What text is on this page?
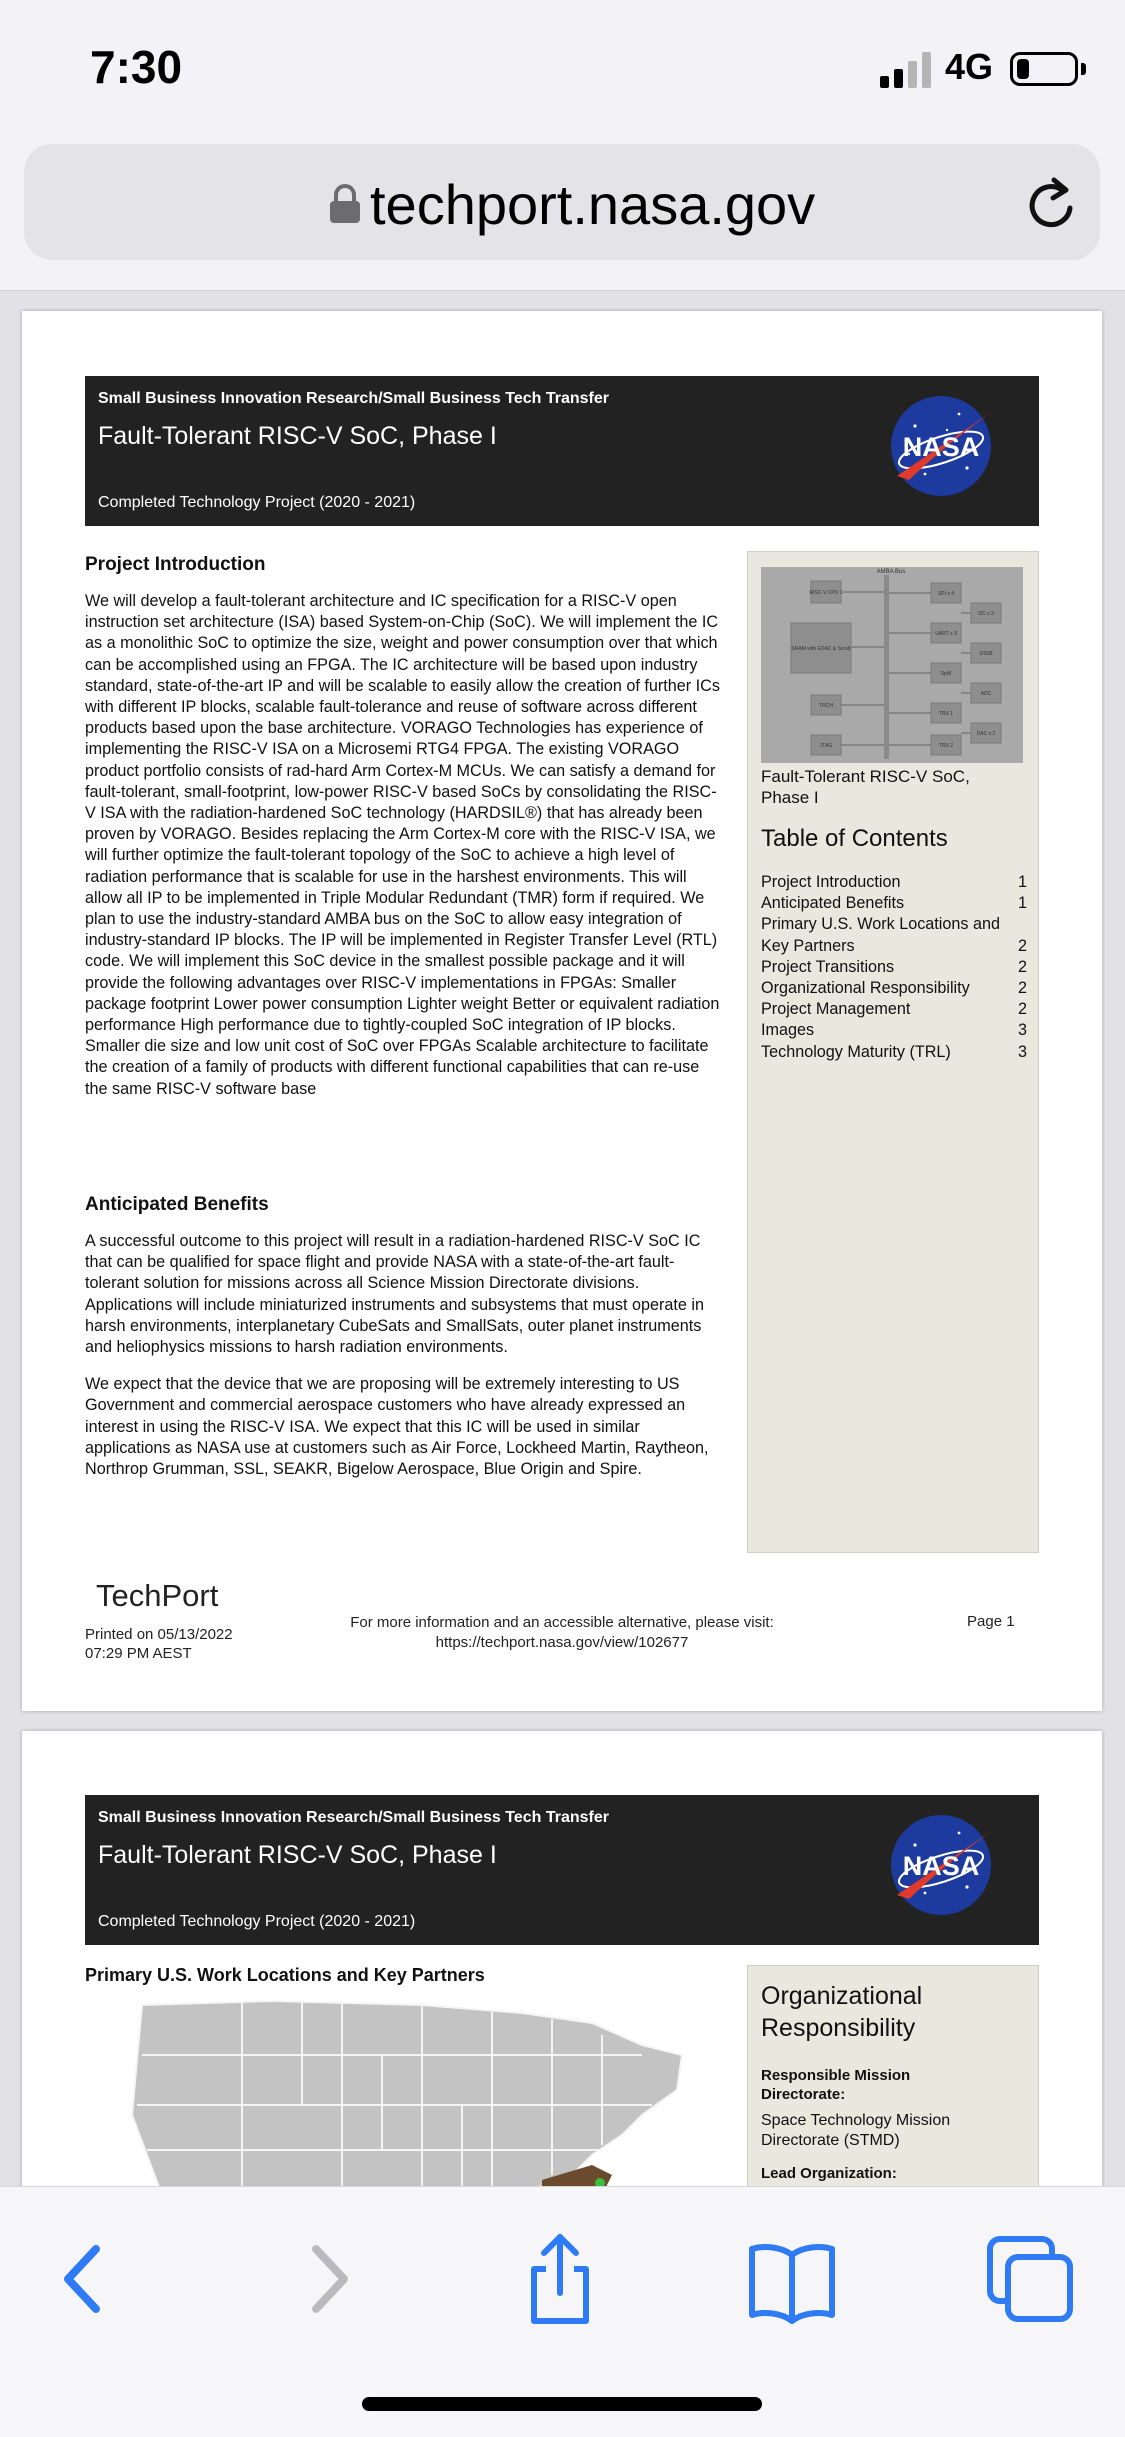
7:30	4G
techport.nasa.gov
Small Business Innovation Research/Small Business Tech Transfer
Fault-Tolerant RISC-V SoC, Phase I
Completed Technology Project (2020 - 2021)
NASA
Project Introduction
We will develop a fault-tolerant architecture and IC specification for a RISC-V open instruction set architecture (ISA) based System-on-Chip (SoC). We will implement the IC as a monolithic SoC to optimize the size, weight and power consumption over that which can be accomplished using an FPGA. The IC architecture will be based upon industry standard, state-of-the-art IP and will be scalable to easily allow the creation of further ICs with different IP blocks, scalable fault-tolerance and reuse of software across different products based upon the base architecture. VORAGO Technologies has experience of implementing the RISC-V ISA on a Microsemi RTG4 FPGA. The existing VORAGO product portfolio consists of rad-hard Arm Cortex-M MCUs. We can satisfy a demand for fault-tolerant, small-footprint, low-power RISC-V based SoCs by consolidating the RISC-V ISA with the radiation-hardened SoC technology (HARDSIL®) that has already been proven by VORAGO. Besides replacing the Arm Cortex-M core with the RISC-V ISA, we will further optimize the fault-tolerant topology of the SoC to achieve a high level of radiation performance that is scalable for use in the harshest environments. This will allow all IP to be implemented in Triple Modular Redundant (TMR) form if required. We plan to use the industry-standard AMBA bus on the SoC to allow easy integration of industry-standard IP blocks. The IP will be implemented in Register Transfer Level (RTL) code. We will implement this SoC device in the smallest possible package and it will provide the following advantages over RISC-V implementations in FPGAs: Smaller package footprint Lower power consumption Lighter weight Better or equivalent radiation performance High performance due to tightly-coupled SoC integration of IP blocks. Smaller die size and low unit cost of SoC over FPGAs Scalable architecture to facilitate the creation of a family of products with different functional capabilities that can re-use the same RISC-V software base
Anticipated Benefits

A successful outcome to this project will result in a radiation-hardened RISC-V SoC IC that can be qualified for space flight and provide NASA with a state-of-the-art fault-tolerant solution for missions across all Science Mission Directorate divisions. Applications will include miniaturized instruments and subsystems that must operate in harsh environments, interplanetary CubeSats and SmallSats, outer planet instruments and heliophysics missions to harsh radiation environments.

We expect that the device that we are proposing will be extremely interesting to US Government and commercial aerospace customers who have already expressed an interest in using the RISC-V ISA. We expect that this IC will be used in similar applications as NASA use at customers such as Air Force, Lockheed Martin, Raytheon, Northrop Grumman, SSL, SEAKR, Bigelow Aerospace, Blue Origin and Spire.

AMBA Bus
RISC-V CPU 1
SRAM with EDAC & Scrub
TRCH
JTAG
SPI x 4
UART x 3
SpW
TRX 1
TRX 2
I2C x 3
I2S08
ADC
DAC x 2
Fault-Tolerant RISC-V SoC, Phase I
Table of Contents
Project Introduction	1
Anticipated Benefits	1
Primary U.S. Work Locations and Key Partners	2
Project Transitions	2
Organizational Responsibility	2
Project Management	2
Images	3
Technology Maturity (TRL)	3
TechPort
Printed on 05/13/2022
07:29 PM AEST
For more information and an accessible alternative, please visit:
https://techport.nasa.gov/view/102677
Page 1
Small Business Innovation Research/Small Business Tech Transfer
Fault-Tolerant RISC-V SoC, Phase I
Completed Technology Project (2020 - 2021)
NASA
Primary U.S. Work Locations and Key Partners
Organizational Responsibility
Responsible Mission Directorate:
Space Technology Mission Directorate (STMD)
Lead Organization:
